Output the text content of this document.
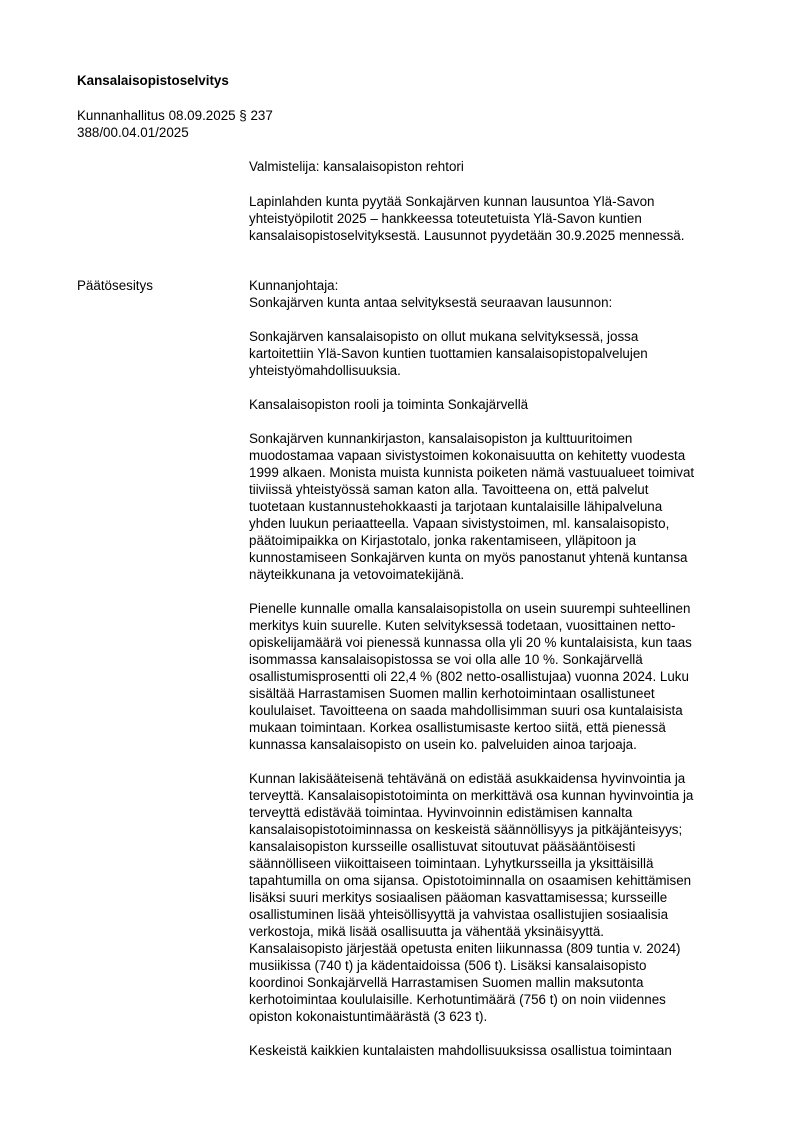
Kansalaisopistoselvitys
Kunnanhallitus 08.09.2025 § 237
388/00.04.01/2025
Valmistelija: kansalaisopiston rehtori

Lapinlahden kunta pyytää Sonkajärven kunnan lausuntoa Ylä-Savon
yhteistyöpilotit 2025 – hankkeessa toteutetuista Ylä-Savon kuntien
kansalaisopistoselvityksestä. Lausunnot pyydetään 30.9.2025 mennessä.

Päätösesitys	Kunnanjohtaja:
Sonkajärven kunta antaa selvityksestä seuraavan lausunnon:

Sonkajärven kansalaisopisto on ollut mukana selvityksessä, jossa
kartoitettiin Ylä-Savon kuntien tuottamien kansalaisopistopalvelujen
yhteistyömahdollisuuksia.

Kansalaisopiston rooli ja toiminta Sonkajärvellä

Sonkajärven kunnankirjaston, kansalaisopiston ja kulttuuritoimen
muodostamaa vapaan sivistystoimen kokonaisuutta on kehitetty vuodesta
1999 alkaen. Monista muista kunnista poiketen nämä vastuualueet toimivat
tiiviissä yhteistyössä saman katon alla. Tavoitteena on, että palvelut
tuotetaan kustannustehokkaasti ja tarjotaan kuntalaisille lähipalveluna
yhden luukun periaatteella. Vapaan sivistystoimen, ml. kansalaisopisto,
päätoimipaikka on Kirjastotalo, jonka rakentamiseen, ylläpitoon ja
kunnostamiseen Sonkajärven kunta on myös panostanut yhtenä kuntansa
näyteikkunana ja vetovoimatekijänä.

Pienelle kunnalle omalla kansalaisopistolla on usein suurempi suhteellinen
merkitys kuin suurelle. Kuten selvityksessä todetaan, vuosittainen netto-
opiskelijamäärä voi pienessä kunnassa olla yli 20 % kuntalaisista, kun taas
isommassa kansalaisopistossa se voi olla alle 10 %. Sonkajärvellä
osallistumisprosentti oli 22,4 % (802 netto-osallistujaa) vuonna 2024. Luku
sisältää Harrastamisen Suomen mallin kerhotoimintaan osallistuneet
koululaiset. Tavoitteena on saada mahdollisimman suuri osa kuntalaisista
mukaan toimintaan. Korkea osallistumisaste kertoo siitä, että pienessä
kunnassa kansalaisopisto on usein ko. palveluiden ainoa tarjoaja.

Kunnan lakisääteisenä tehtävänä on edistää asukkaidensa hyvinvointia ja
terveyttä. Kansalaisopistotoiminta on merkittävä osa kunnan hyvinvointia ja
terveyttä edistävää toimintaa. Hyvinvoinnin edistämisen kannalta
kansalaisopistotoiminnassa on keskeistä säännöllisyys ja pitkäjänteisyys;
kansalaisopiston kursseille osallistuvat sitoutuvat pääsääntöisesti
säännölliseen viikoittaiseen toimintaan. Lyhytkursseilla ja yksittäisillä
tapahtumilla on oma sijansa. Opistotoiminnalla on osaamisen kehittämisen
lisäksi suuri merkitys sosiaalisen pääoman kasvattamisessa; kursseille
osallistuminen lisää yhteisöllisyyttä ja vahvistaa osallistujien sosiaalisia
verkostoja, mikä lisää osallisuutta ja vähentää yksinäisyyttä.
Kansalaisopisto järjestää opetusta eniten liikunnassa (809 tuntia v. 2024)
musiikissa (740 t) ja kädentaidoissa (506 t). Lisäksi kansalaisopisto
koordinoi Sonkajärvellä Harrastamisen Suomen mallin maksutonta
kerhotoimintaa koululaisille. Kerhotuntimäärä (756 t) on noin viidennes
opiston kokonaistuntimäärästä (3 623 t).

Keskeistä kaikkien kuntalaisten mahdollisuuksissa osallistua toimintaan
